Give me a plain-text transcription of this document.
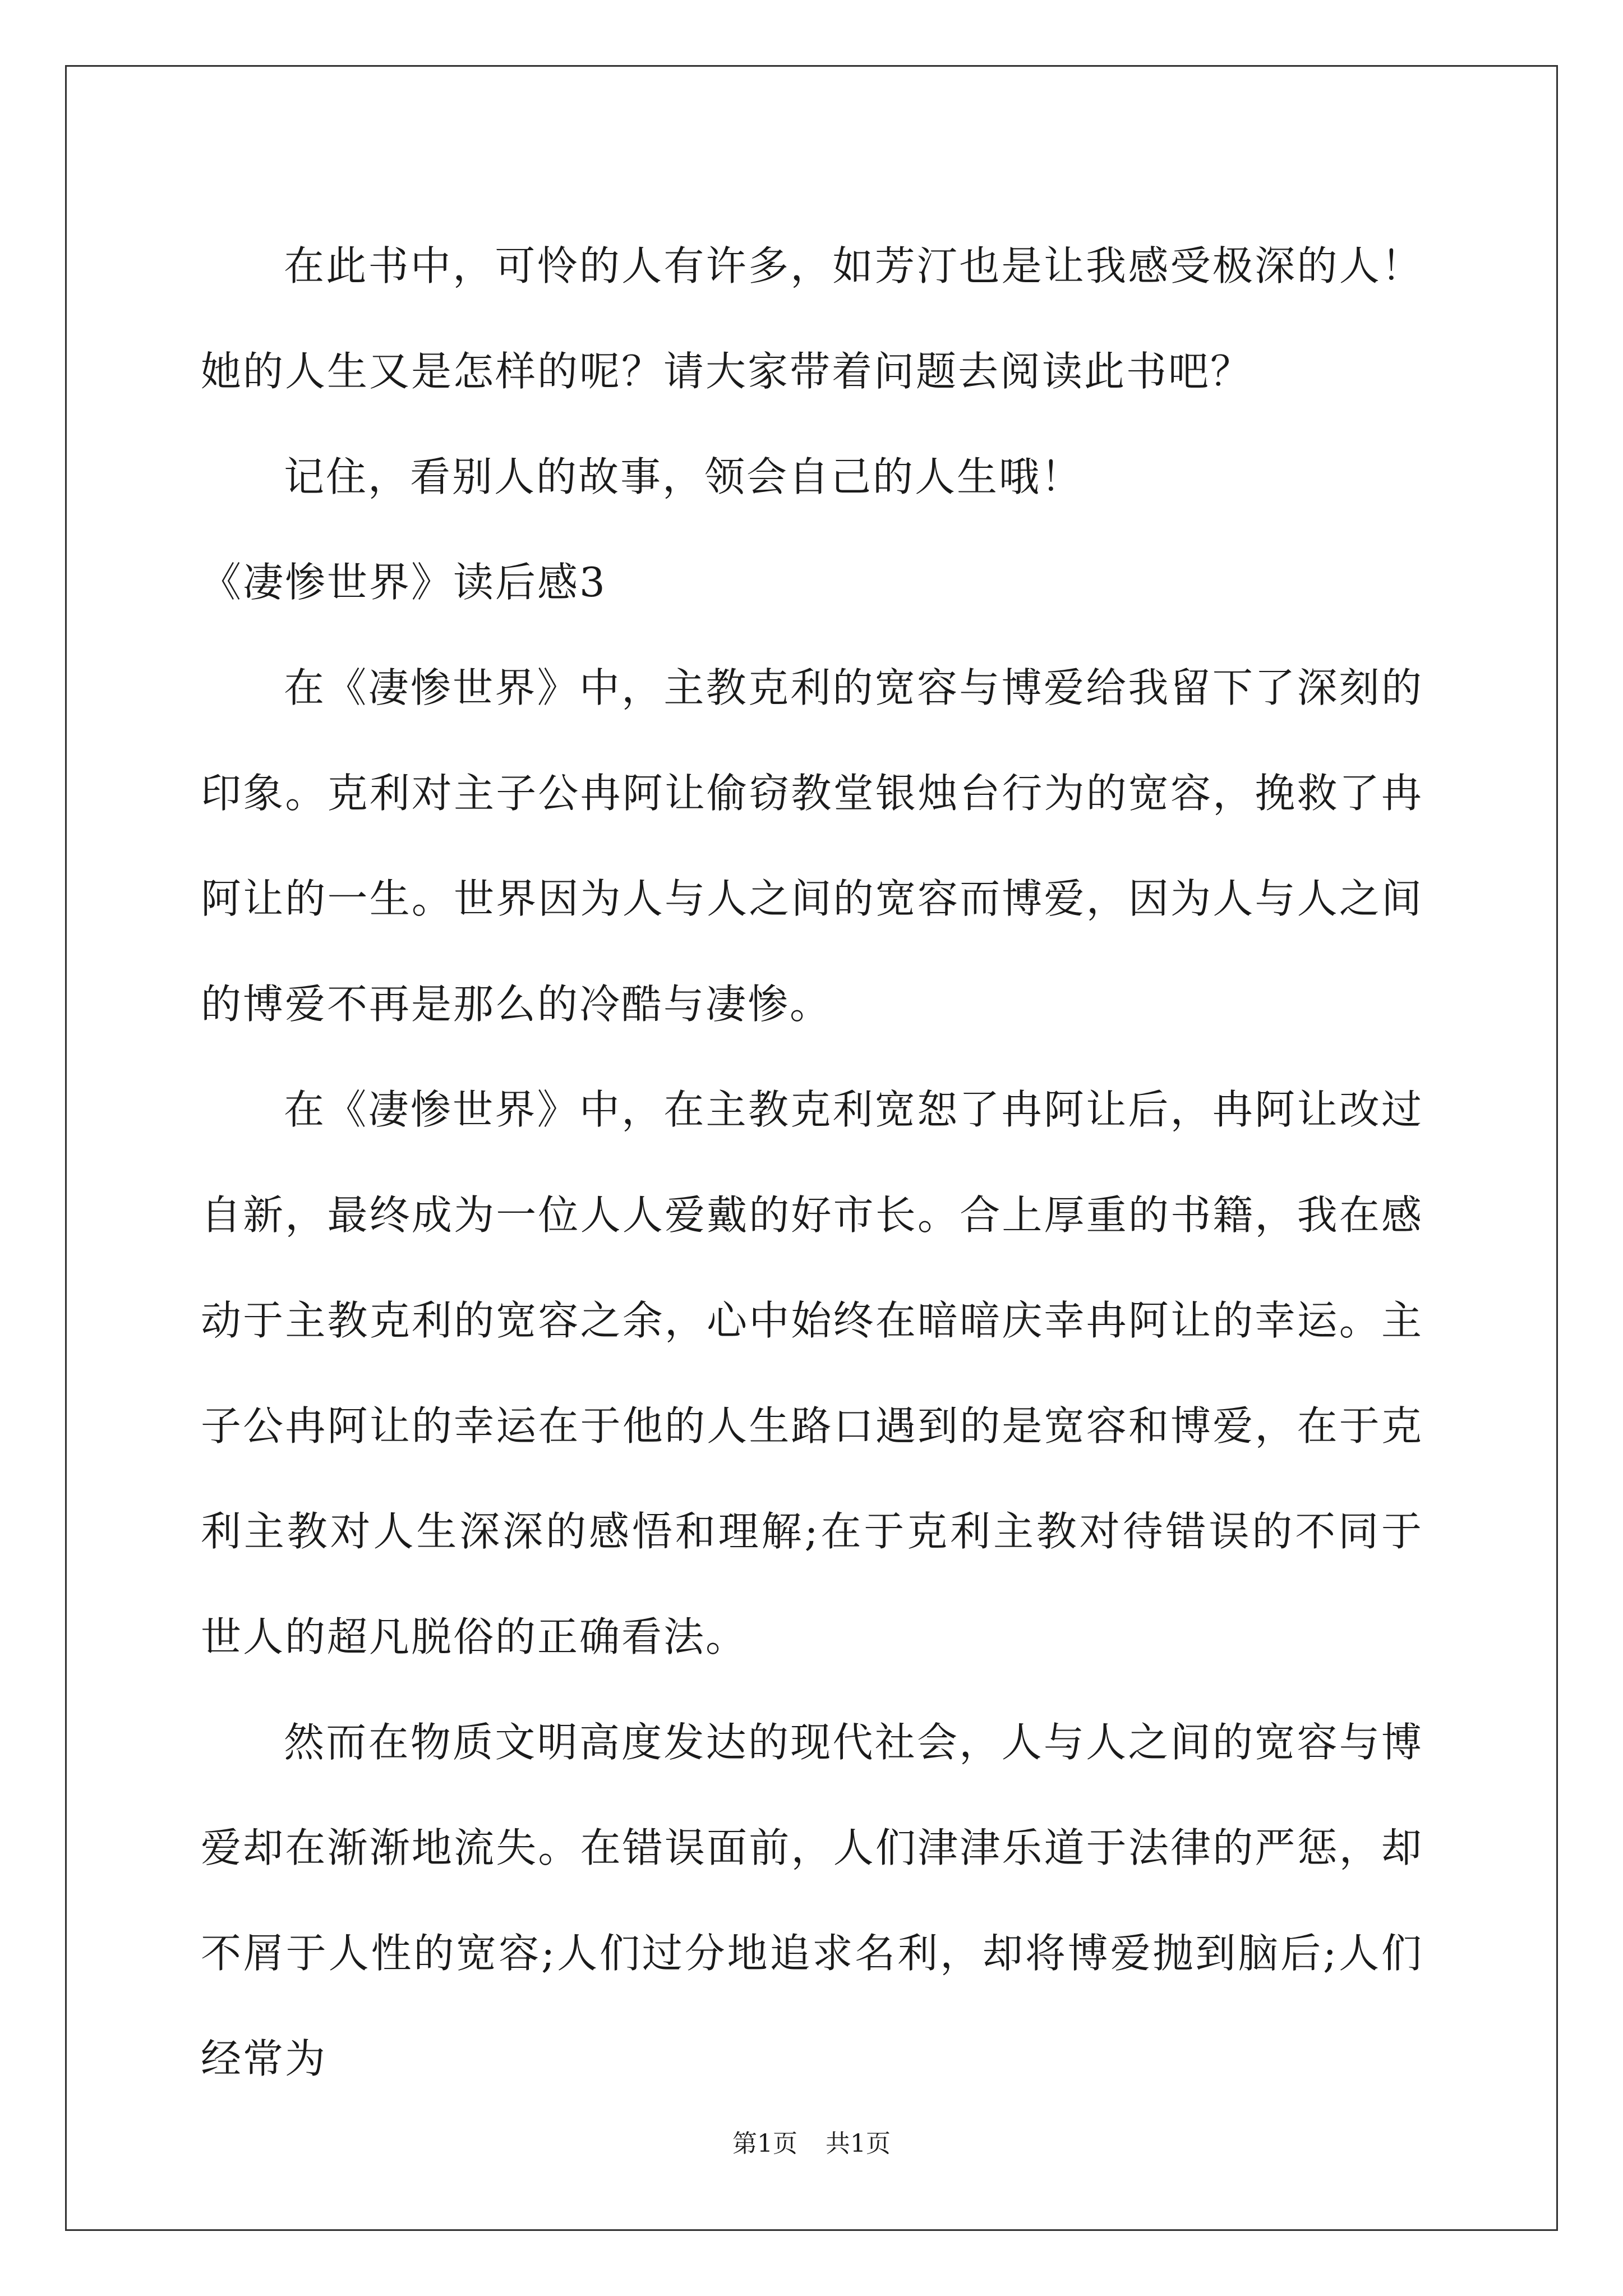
在此书中，可怜的人有许多，如芳汀也是让我感受极深的人！她的人生又是怎样的呢？请大家带着问题去阅读此书吧？

记住，看别人的故事，领会自己的人生哦！

《凄惨世界》读后感3

在《凄惨世界》中，主教克利的宽容与博爱给我留下了深刻的印象。克利对主子公冉阿让偷窃教堂银烛台行为的宽容，挽救了冉阿让的一生。世界因为人与人之间的宽容而博爱，因为人与人之间的博爱不再是那么的冷酷与凄惨。

在《凄惨世界》中，在主教克利宽恕了冉阿让后，冉阿让改过自新，最终成为一位人人爱戴的好市长。合上厚重的书籍，我在感动于主教克利的宽容之余，心中始终在暗暗庆幸冉阿让的幸运。主子公冉阿让的幸运在于他的人生路口遇到的是宽容和博爱，在于克利主教对人生深深的感悟和理解;在于克利主教对待错误的不同于世人的超凡脱俗的正确看法。

然而在物质文明高度发达的现代社会，人与人之间的宽容与博爱却在渐渐地流失。在错误面前，人们津津乐道于法律的严惩，却不屑于人性的宽容;人们过分地追求名利，却将博爱抛到脑后;人们经常为

第1页 共1页
